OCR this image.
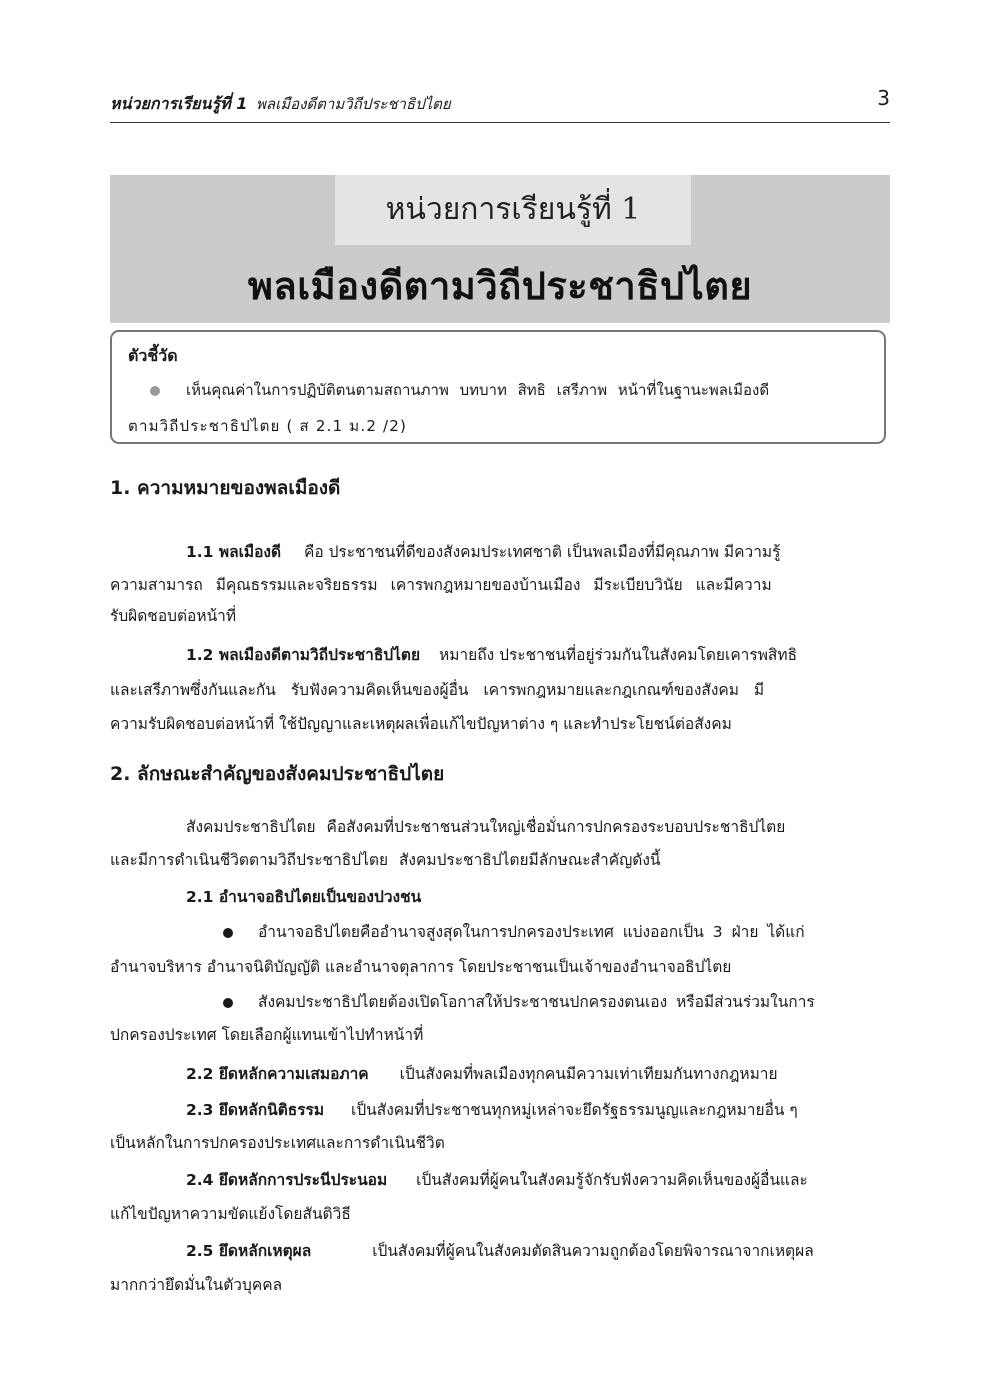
หน่วยการเรียนรู้ที่ 1 พลเมืองดีตามวิถีประชาธิปไตย	3
หน่วยการเรียนรู้ที่ 1
พลเมืองดีตามวิถีประชาธิปไตย
ตัวชี้วัด
เห็นคุณค่าในการปฏิบัติตนตามสถานภาพ บทบาท สิทธิ เสรีภาพ หน้าที่ในฐานะพลเมืองดี
ตามวิถีประชาธิปไตย ( ส 2.1 ม.2 /2)
1. ความหมายของพลเมืองดี
1.1 พลเมืองดี คือ ประชาชนที่ดีของสังคมประเทศชาติ เป็นพลเมืองที่มีคุณภาพ มีความรู้
ความสามารถ มีคุณธรรมและจริยธรรม เคารพกฎหมายของบ้านเมือง มีระเบียบวินัย และมีความ
รับผิดชอบต่อหน้าที่
1.2 พลเมืองดีตามวิถีประชาธิปไตย หมายถึง ประชาชนที่อยู่ร่วมกันในสังคมโดยเคารพสิทธิ
และเสรีภาพซึ่งกันและกัน รับฟังความคิดเห็นของผู้อื่น เคารพกฎหมายและกฎเกณฑ์ของสังคม มี
ความรับผิดชอบต่อหน้าที่ ใช้ปัญญาและเหตุผลเพื่อแก้ไขปัญหาต่าง ๆ และทำประโยชน์ต่อสังคม
2. ลักษณะสำคัญของสังคมประชาธิปไตย
สังคมประชาธิปไตย คือสังคมที่ประชาชนส่วนใหญ่เชื่อมั่นการปกครองระบอบประชาธิปไตย
และมีการดำเนินชีวิตตามวิถีประชาธิปไตย สังคมประชาธิปไตยมีลักษณะสำคัญดังนี้
2.1 อำนาจอธิปไตยเป็นของปวงชน
อำนาจอธิปไตยคืออำนาจสูงสุดในการปกครองประเทศ แบ่งออกเป็น 3 ฝ่าย ได้แก่
อำนาจบริหาร อำนาจนิติบัญญัติ และอำนาจตุลาการ โดยประชาชนเป็นเจ้าของอำนาจอธิปไตย
สังคมประชาธิปไตยต้องเปิดโอกาสให้ประชาชนปกครองตนเอง หรือมีส่วนร่วมในการ
ปกครองประเทศ โดยเลือกผู้แทนเข้าไปทำหน้าที่
2.2 ยึดหลักความเสมอภาค เป็นสังคมที่พลเมืองทุกคนมีความเท่าเทียมกันทางกฎหมาย
2.3 ยึดหลักนิติธรรม เป็นสังคมที่ประชาชนทุกหมู่เหล่าจะยึดรัฐธรรมนูญและกฎหมายอื่น ๆ
เป็นหลักในการปกครองประเทศและการดำเนินชีวิต
2.4 ยึดหลักการประนีประนอม เป็นสังคมที่ผู้คนในสังคมรู้จักรับฟังความคิดเห็นของผู้อื่นและ
แก้ไขปัญหาความขัดแย้งโดยสันติวิธี
2.5 ยึดหลักเหตุผล	เป็นสังคมที่ผู้คนในสังคมตัดสินความถูกต้องโดยพิจารณาจากเหตุผล
มากกว่ายึดมั่นในตัวบุคคล
